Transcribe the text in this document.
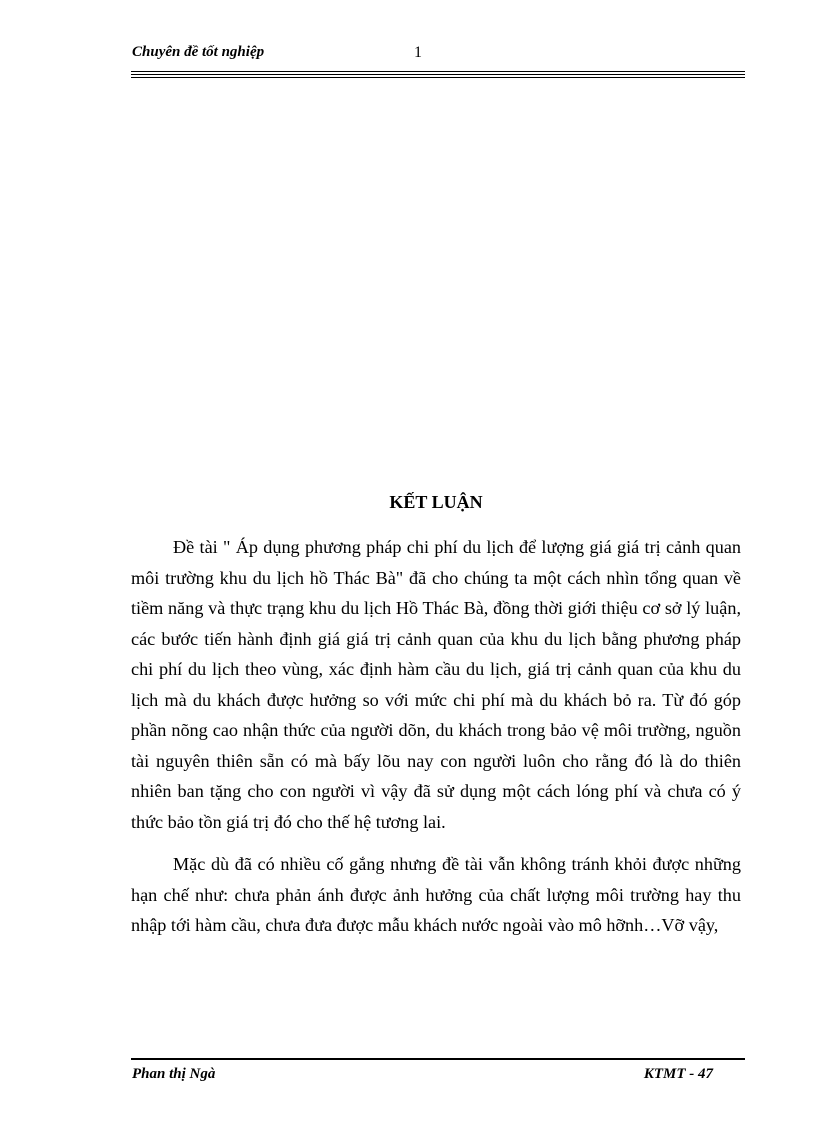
Chuyên đề tốt nghiệp	1
KẾT LUẬN

Đề tài " Áp dụng phương pháp chi phí du lịch để lượng giá giá trị cảnh quan môi trường khu du lịch hồ Thác Bà" đã cho chúng ta một cách nhìn tổng quan về tiềm năng và thực trạng khu du lịch Hồ Thác Bà, đồng thời giới thiệu cơ sở lý luận, các bước tiến hành định giá giá trị cảnh quan của khu du lịch bằng phương pháp chi phí du lịch theo vùng, xác định hàm cầu du lịch, giá trị cảnh quan của khu du lịch mà du khách được hưởng so với mức chi phí mà du khách bỏ ra. Từ đó góp phần nõng cao nhận thức của người dõn, du khách trong bảo vệ môi trường, nguồn tài nguyên thiên sẵn có mà bấy lõu nay con người luôn cho rằng đó là do thiên nhiên ban tặng cho con người vì vậy đã sử dụng một cách lóng phí và chưa có ý thức bảo tồn giá trị đó cho thế hệ tương lai.

Mặc dù đã có nhiều cố gắng nhưng đề tài vẫn không tránh khỏi được những hạn chế như: chưa phản ánh được ảnh hưởng của chất lượng môi trường hay thu nhập tới hàm cầu, chưa đưa được mẫu khách nước ngoài vào mô hỡnh…Vỡ vậy,

Phan thị Ngà	KTMT - 47
